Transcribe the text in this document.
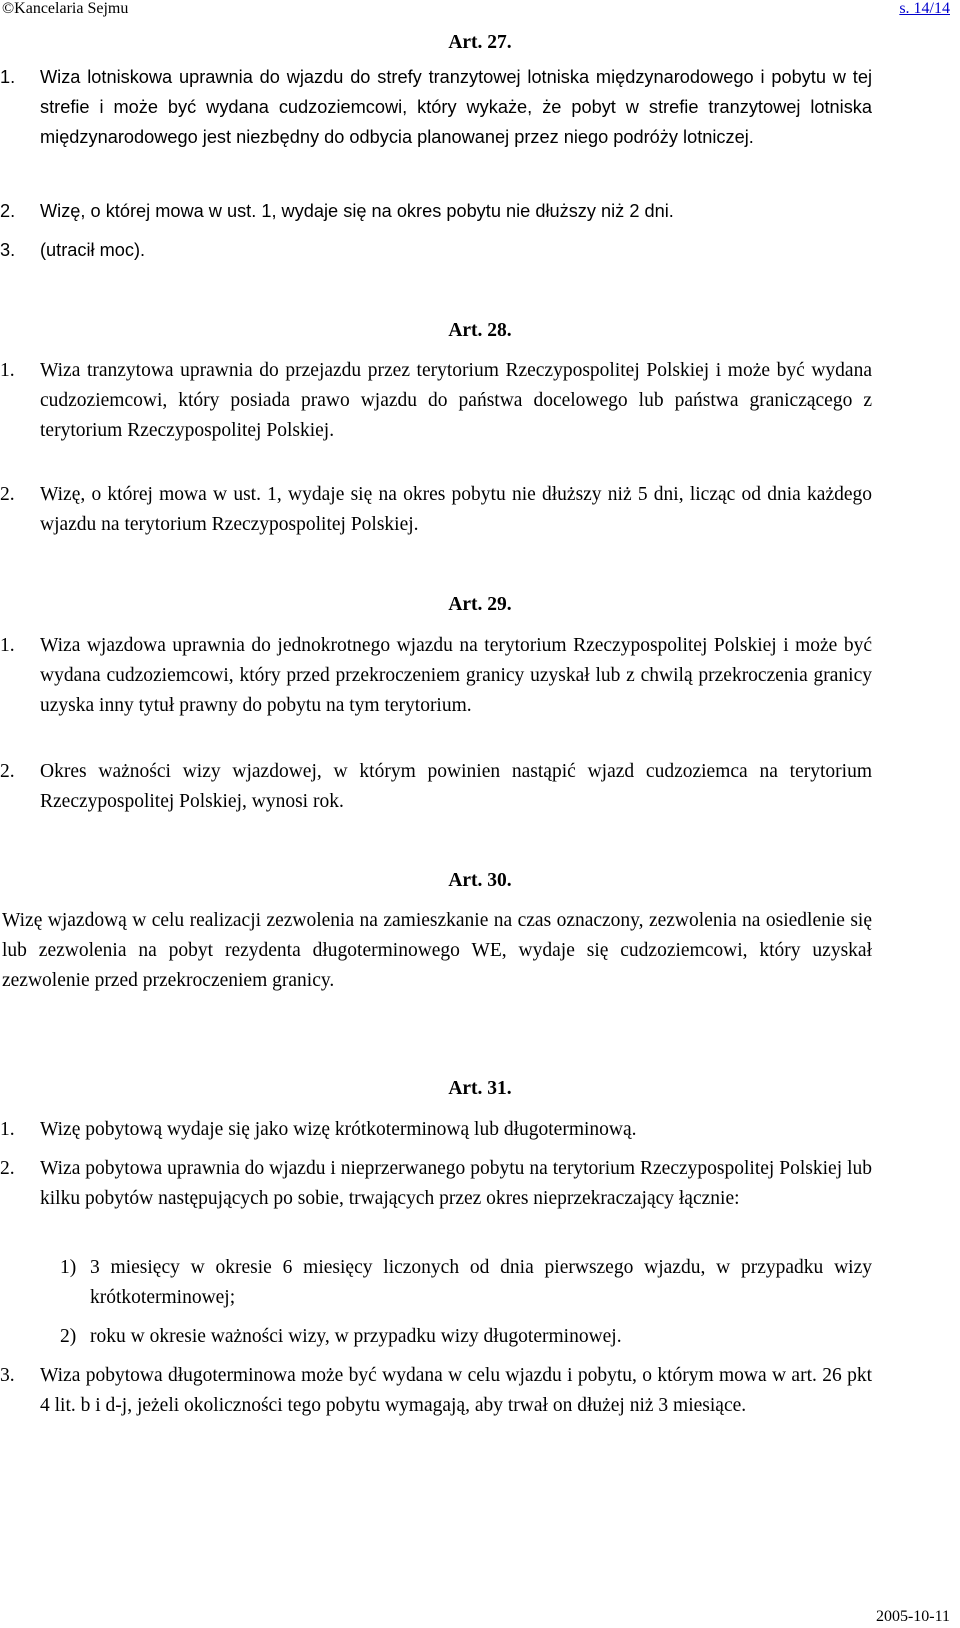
©Kancelaria Sejmu	s. 14/14
Art. 27.
1.	Wiza lotniskowa uprawnia do wjazdu do strefy tranzytowej lotniska międzynarodowego i pobytu w tej strefie i może być wydana cudzoziemcowi, który wykaże, że pobyt w strefie tranzytowej lotniska międzynarodowego jest niezbędny do odbycia planowanej przez niego podróży lotniczej.
2.	Wizę, o której mowa w ust. 1, wydaje się na okres pobytu nie dłuższy niż 2 dni.
3.	(utracił moc).
Art. 28.
1.	Wiza tranzytowa uprawnia do przejazdu przez terytorium Rzeczypospolitej Polskiej i może być wydana cudzoziemcowi, który posiada prawo wjazdu do państwa docelowego lub państwa graniczącego z terytorium Rzeczypospolitej Polskiej.
2.	Wizę, o której mowa w ust. 1, wydaje się na okres pobytu nie dłuższy niż 5 dni, licząc od dnia każdego wjazdu na terytorium Rzeczypospolitej Polskiej.
Art. 29.
1.	Wiza wjazdowa uprawnia do jednokrotnego wjazdu na terytorium Rzeczypospolitej Polskiej i może być wydana cudzoziemcowi, który przed przekroczeniem granicy uzyskał lub z chwilą przekroczenia granicy uzyska inny tytuł prawny do pobytu na tym terytorium.
2.	Okres ważności wizy wjazdowej, w którym powinien nastąpić wjazd cudzoziemca na terytorium Rzeczypospolitej Polskiej, wynosi rok.
Art. 30.
Wizę wjazdową w celu realizacji zezwolenia na zamieszkanie na czas oznaczony, zezwolenia na osiedlenie się lub zezwolenia na pobyt rezydenta długoterminowego WE, wydaje się cudzoziemcowi, który uzyskał zezwolenie przed przekroczeniem granicy.
Art. 31.
1.	Wizę pobytową wydaje się jako wizę krótkoterminową lub długoterminową.
2.	Wiza pobytowa uprawnia do wjazdu i nieprzerwanego pobytu na terytorium Rzeczypospolitej Polskiej lub kilku pobytów następujących po sobie, trwających przez okres nieprzekraczający łącznie:
1) 3 miesięcy w okresie 6 miesięcy liczonych od dnia pierwszego wjazdu, w przypadku wizy krótkoterminowej;
2) roku w okresie ważności wizy, w przypadku wizy długoterminowej.
3.	Wiza pobytowa długoterminowa może być wydana w celu wjazdu i pobytu, o którym mowa w art. 26 pkt 4 lit. b i d-j, jeżeli okoliczności tego pobytu wymagają, aby trwał on dłużej niż 3 miesiące.
2005-10-11
